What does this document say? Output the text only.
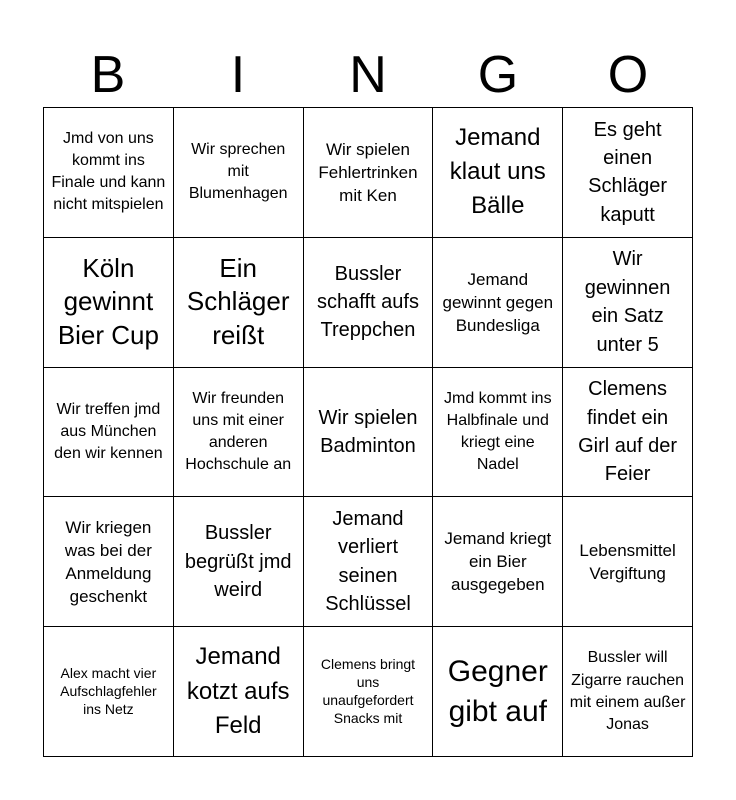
B	I	N	G	O
Jmd von uns kommt ins Finale und kann nicht mitspielen
Wir sprechen mit Blumenhagen
Wir spielen Fehlertrinken mit Ken
Jemand klaut uns Bälle
Es geht einen Schläger kaputt
Köln gewinnt Bier Cup
Ein Schläger reißt
Bussler schafft aufs Treppchen
Jemand gewinnt gegen Bundesliga
Wir gewinnen ein Satz unter 5
Wir treffen jmd aus München den wir kennen
Wir freunden uns mit einer anderen Hochschule an
Wir spielen Badminton
Jmd kommt ins Halbfinale und kriegt eine Nadel
Clemens findet ein Girl auf der Feier
Wir kriegen was bei der Anmeldung geschenkt
Bussler begrüßt jmd weird
Jemand verliert seinen Schlüssel
Jemand kriegt ein Bier ausgegeben
Lebensmittel Vergiftung
Alex macht vier Aufschlagfehler ins Netz
Jemand kotzt aufs Feld
Clemens bringt uns unaufgefordert Snacks mit
Gegner gibt auf
Bussler will Zigarre rauchen mit einem außer Jonas
